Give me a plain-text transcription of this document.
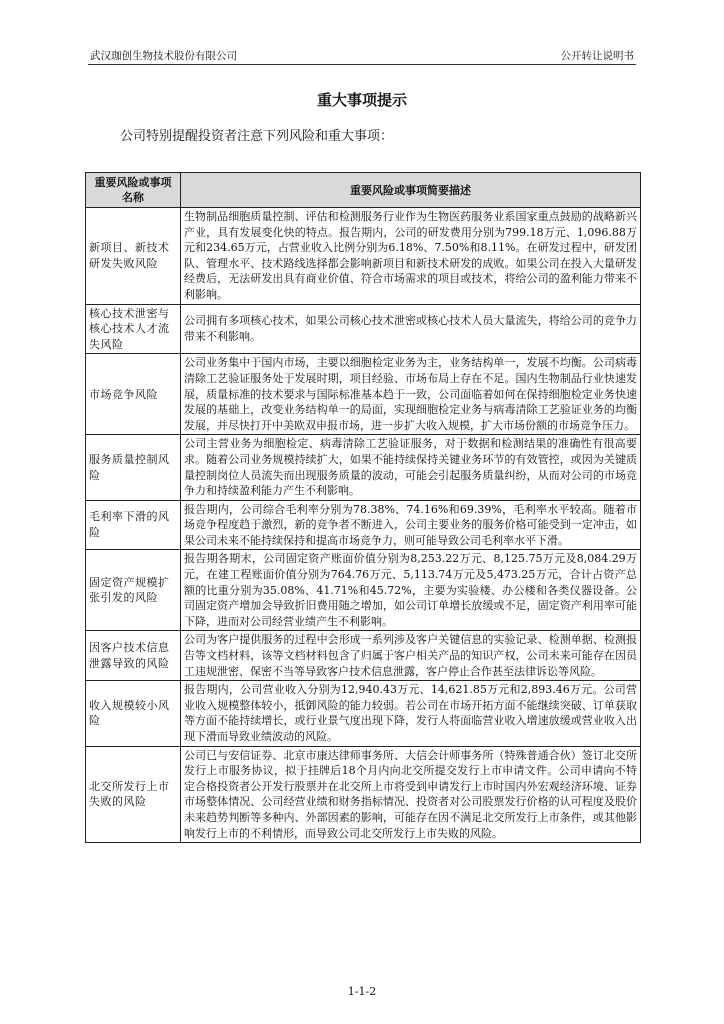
武汉珈创生物技术股份有限公司	公开转让说明书
重大事项提示
公司特别提醒投资者注意下列风险和重大事项：
重要风险或事项名称	重要风险或事项简要描述
新项目、新技术研发失败风险	生物制品细胞质量控制、评估和检测服务行业作为生物医药服务业系国家重点鼓励的战略新兴产业，具有发展变化快的特点。报告期内，公司的研发费用分别为799.18万元、1,096.88万元和234.65万元，占营业收入比例分别为6.18%、7.50%和8.11%。在研发过程中，研发团队、管理水平、技术路线选择都会影响新项目和新技术研发的成败。如果公司在投入大量研发经费后，无法研发出具有商业价值、符合市场需求的项目或技术，将给公司的盈利能力带来不利影响。
核心技术泄密与核心技术人才流失风险	公司拥有多项核心技术，如果公司核心技术泄密或核心技术人员大量流失，将给公司的竞争力带来不利影响。
市场竞争风险	公司业务集中于国内市场，主要以细胞检定业务为主，业务结构单一，发展不均衡。公司病毒清除工艺验证服务处于发展时期，项目经验、市场布局上存在不足。国内生物制品行业快速发展，质量标准的技术要求与国际标准基本趋于一致，公司面临着如何在保持细胞检定业务快速发展的基础上，改变业务结构单一的局面，实现细胞检定业务与病毒清除工艺验证业务的均衡发展，并尽快打开中美欧双申报市场，进一步扩大收入规模，扩大市场份额的市场竞争压力。
服务质量控制风险	公司主营业务为细胞检定、病毒清除工艺验证服务，对于数据和检测结果的准确性有很高要求。随着公司业务规模持续扩大，如果不能持续保持关键业务环节的有效管控，或因为关键质量控制岗位人员流失而出现服务质量的波动，可能会引起服务质量纠纷，从而对公司的市场竞争力和持续盈利能力产生不利影响。
毛利率下滑的风险	报告期内，公司综合毛利率分别为78.38%、74.16%和69.39%，毛利率水平较高。随着市场竞争程度趋于激烈，新的竞争者不断进入，公司主要业务的服务价格可能受到一定冲击，如果公司未来不能持续保持和提高市场竞争力，则可能导致公司毛利率水平下滑。
固定资产规模扩张引发的风险	报告期各期末，公司固定资产账面价值分别为8,253.22万元、8,125.75万元及8,084.29万元，在建工程账面价值分别为764.76万元、5,113.74万元及5,473.25万元，合计占资产总额的比重分别为35.08%、41.71%和45.72%，主要为实验楼、办公楼和各类仪器设备。公司固定资产增加会导致折旧费用随之增加，如公司订单增长放缓或不足，固定资产利用率可能下降，进而对公司经营业绩产生不利影响。
因客户技术信息泄露导致的风险	公司为客户提供服务的过程中会形成一系列涉及客户关键信息的实验记录、检测单据、检测报告等文档材料，该等文档材料包含了归属于客户相关产品的知识产权，公司未来可能存在因员工违规泄密、保密不当等导致客户技术信息泄露，客户停止合作甚至法律诉讼等风险。
收入规模较小风险	报告期内，公司营业收入分别为12,940.43万元、14,621.85万元和2,893.46万元。公司营业收入规模整体较小，抵御风险的能力较弱。若公司在市场开拓方面不能继续突破、订单获取等方面不能持续增长，或行业景气度出现下降，发行人将面临营业收入增速放缓或营业收入出现下滑而导致业绩波动的风险。
北交所发行上市失败的风险	公司已与安信证券、北京市康达律师事务所、大信会计师事务所（特殊普通合伙）签订北交所发行上市服务协议，拟于挂牌后18个月内向北交所提交发行上市申请文件。公司申请向不特定合格投资者公开发行股票并在北交所上市将受到申请发行上市时国内外宏观经济环境、证券市场整体情况、公司经营业绩和财务指标情况、投资者对公司股票发行价格的认可程度及股价未来趋势判断等多种内、外部因素的影响，可能存在因不满足北交所发行上市条件，或其他影响发行上市的不利情形，而导致公司北交所发行上市失败的风险。
1-1-2
